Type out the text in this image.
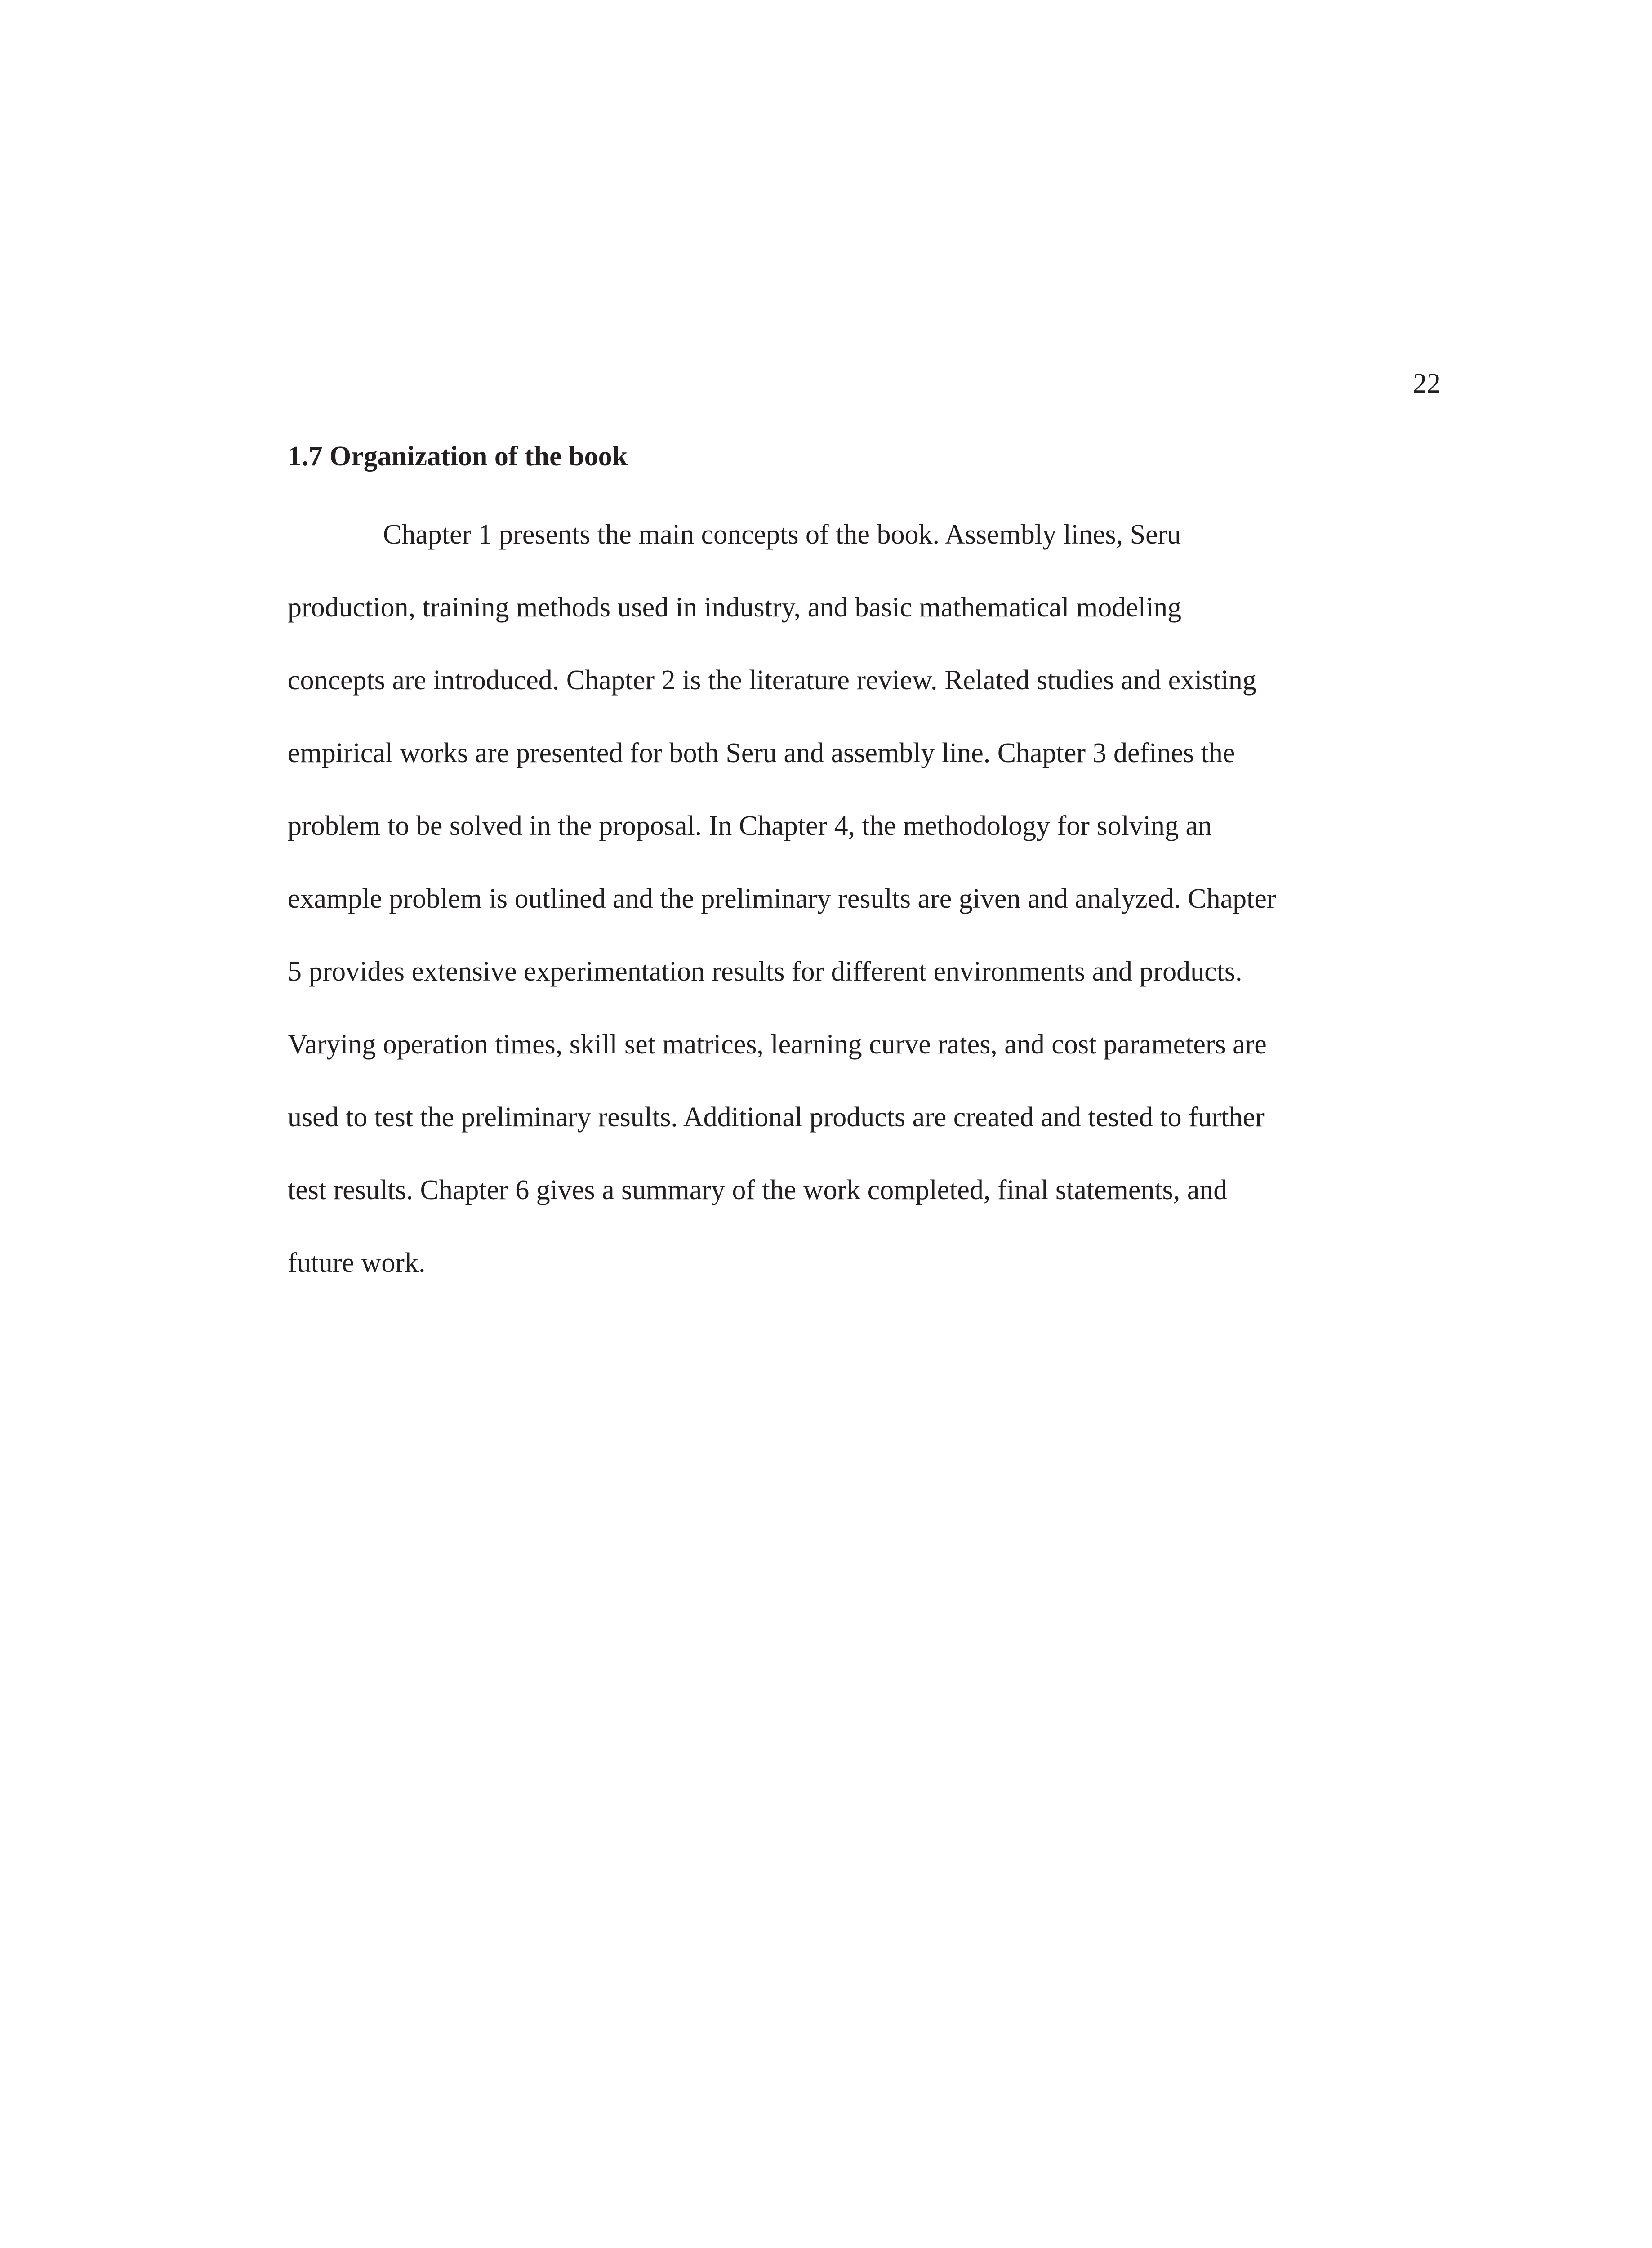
22
1.7 Organization of the book
Chapter 1 presents the main concepts of the book. Assembly lines, Seru
production, training methods used in industry, and basic mathematical modeling
concepts are introduced. Chapter 2 is the literature review. Related studies and existing
empirical works are presented for both Seru and assembly line. Chapter 3 defines the
problem to be solved in the proposal. In Chapter 4, the methodology for solving an
example problem is outlined and the preliminary results are given and analyzed. Chapter
5 provides extensive experimentation results for different environments and products.
Varying operation times, skill set matrices, learning curve rates, and cost parameters are
used to test the preliminary results. Additional products are created and tested to further
test results. Chapter 6 gives a summary of the work completed, final statements, and
future work.
